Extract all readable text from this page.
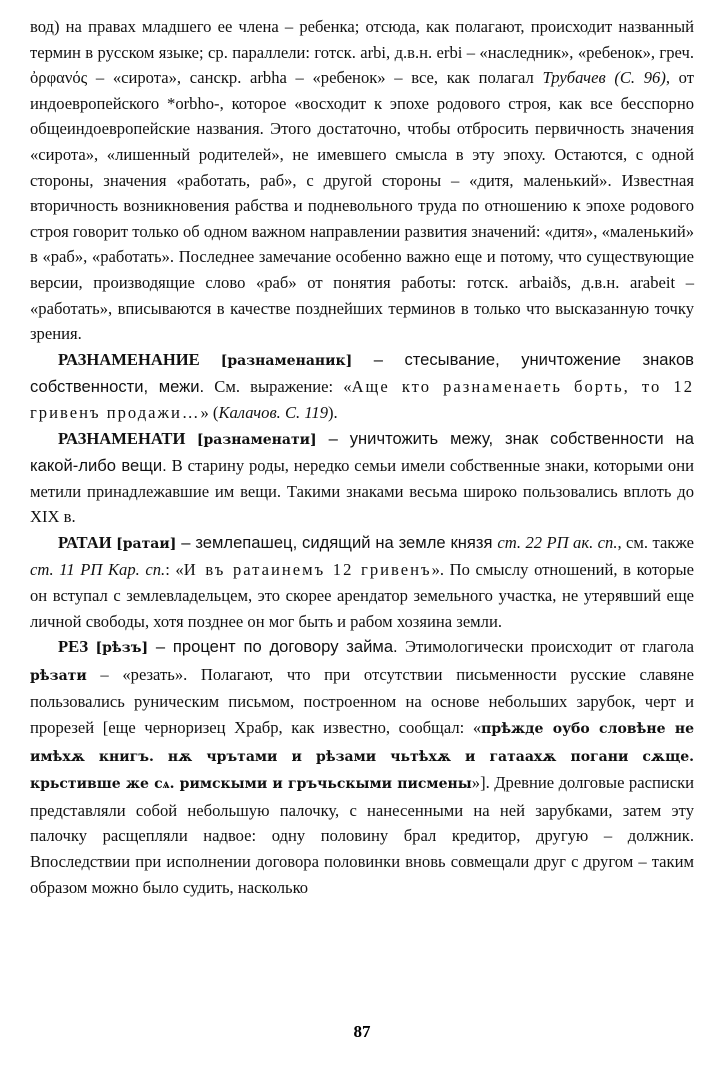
вод) на правах младшего ее члена – ребенка; отсюда, как полагают, происходит названный термин в русском языке; ср. параллели: готск. arbi, д.в.н. erbi – «наследник», «ребенок», греч. ὀρφανός – «сирота», санскр. arbha – «ребенок» – все, как полагал Трубачев (С. 96), от индоевропейского *orbho-, которое «восходит к эпохе родового строя, как все бесспорно общеиндоевропейские названия. Этого достаточно, чтобы отбросить первичность значения «сирота», «лишенный родителей», не имевшего смысла в эту эпоху. Остаются, с одной стороны, значения «работать, раб», с другой стороны – «дитя, маленький». Известная вторичность возникновения рабства и подневольного труда по отношению к эпохе родового строя говорит только об одном важном направлении развития значений: «дитя», «маленький» в «раб», «работать». Последнее замечание особенно важно еще и потому, что существующие версии, производящие слово «раб» от понятия работы: готск. arbaiðs, д.в.н. arabeit – «работать», вписываются в качестве позднейших терминов в только что высказанную точку зрения.

РАЗНАМЕНАНИЕ [разнаменаник] – стесывание, уничтожение знаков собственности, межи. См. выражение: «Аще кто разнаменаеть борть, то 12 гривенъ продажи…» (Калачов. С. 119).

РАЗНАМЕНАТИ [разнаменати] – уничтожить межу, знак собственности на какой-либо вещи. В старину роды, нередко семьи имели собственные знаки, которыми они метили принадлежавшие им вещи. Такими знаками весьма широко пользовались вплоть до XIX в.

РАТАИ [ратаи] – землепашец, сидящий на земле князя ст. 22 РП ак. сп., см. также ст. 11 РП Кар. сп.: «И въ ратаинемъ 12 гривенъ». По смыслу отношений, в которые он вступал с землевладельцем, это скорее арендатор земельного участка, не утерявший еще личной свободы, хотя позднее он мог быть и рабом хозяина земли.

РЕЗ [рѣзъ] – процент по договору займа. Этимологически происходит от глагола рѣзати – «резать». Полагают, что при отсутствии письменности русские славяне пользовались руническим письмом, построенном на основе небольших зарубок, черт и прорезей [еще черноризец Храбр, как известно, сообщал: «прѣжде оубо словѣне не имѣхѫ книгъ. нѫ чрътами и рѣзами чьтѣхѫ и гатаахѫ погани сѫще. крьстивше же сѧ. римскыми и гръчьскыми писмены»]. Древние долговые расписки представляли собой небольшую палочку, с нанесенными на ней зарубками, затем эту палочку расщепляли надвое: одну половину брал кредитор, другую – должник. Впоследствии при исполнении договора половинки вновь совмещали друг с другом – таким образом можно было судить, насколько

87
